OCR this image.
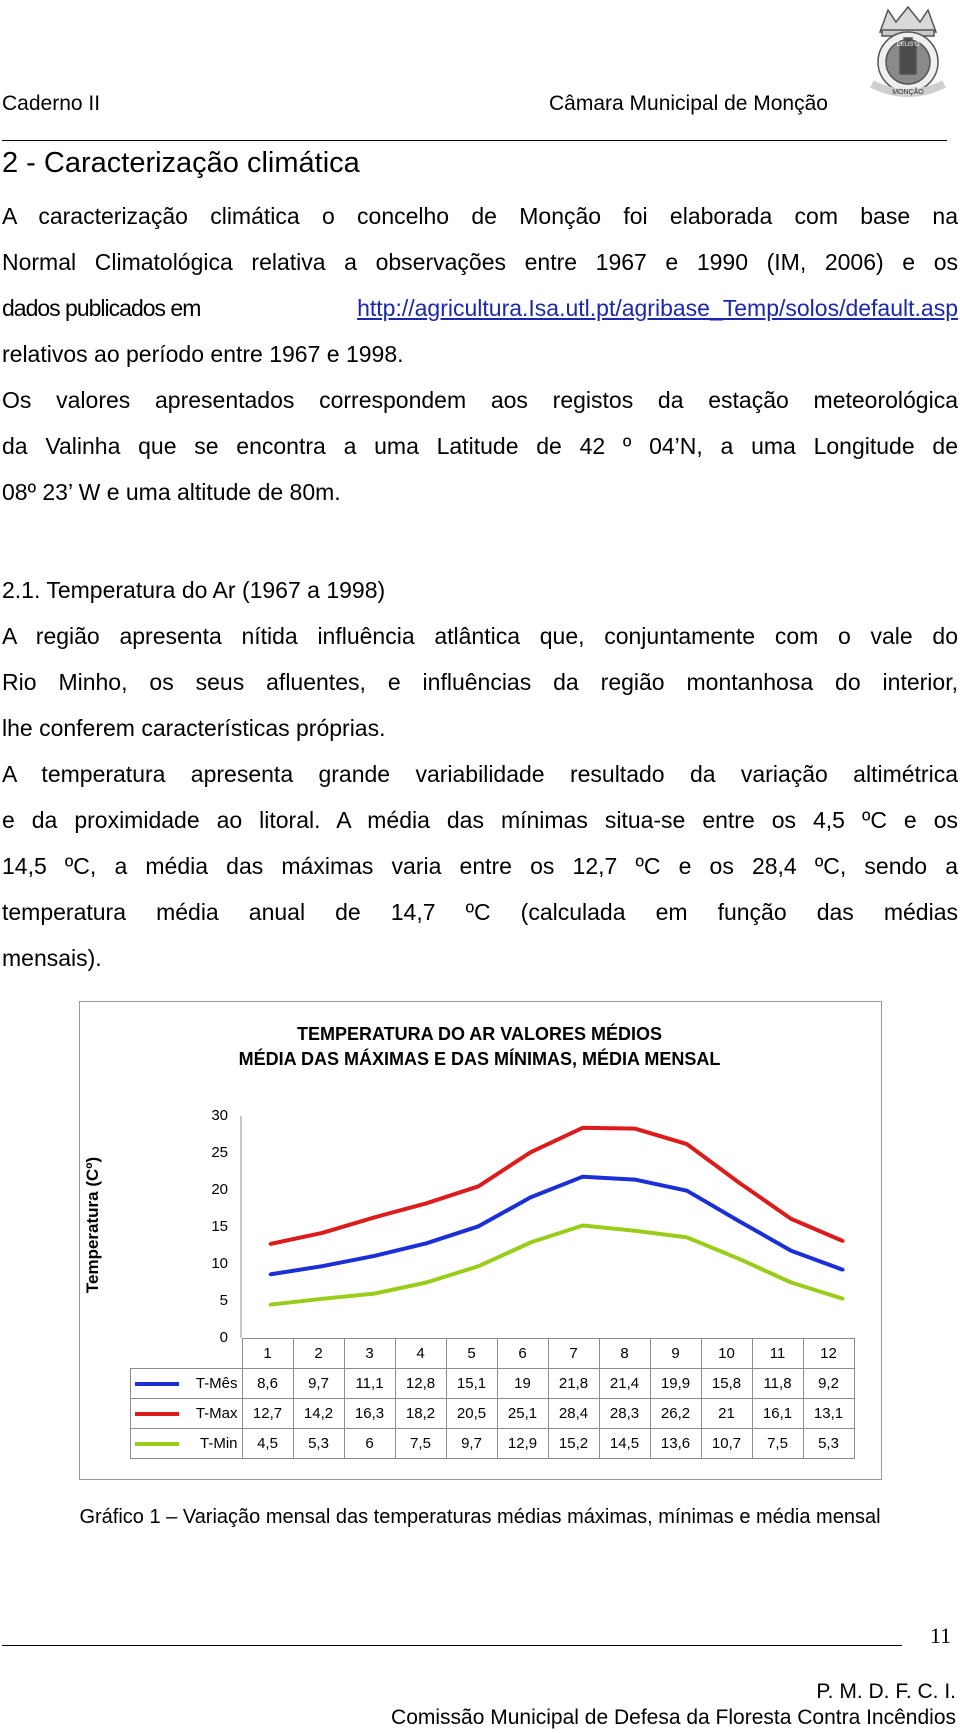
Caderno II	Câmara Municipal de Monção
DEUS O
MONÇÃO
2 - Caracterização climática

A caracterização climática o concelho de Monção foi elaborada com base na

Normal Climatológica relativa a observações entre 1967 e 1990 (IM, 2006) e os

dados publicados em	http://agricultura.Isa.utl.pt/agribase_Temp/solos/default.asp

relativos ao período entre 1967 e 1998.

Os valores apresentados correspondem aos registos da estação meteorológica

da Valinha que se encontra a uma Latitude de 42 º 04’N, a uma Longitude de

08º 23’ W e uma altitude de 80m.

2.1. Temperatura do Ar (1967 a 1998)

A região apresenta nítida influência atlântica que, conjuntamente com o vale do

Rio Minho, os seus afluentes, e influências da região montanhosa do interior,

lhe conferem características próprias.

A temperatura apresenta grande variabilidade resultado da variação altimétrica

e da proximidade ao litoral. A média das mínimas situa-se entre os 4,5 ºC e os

14,5 ºC, a média das máximas varia entre os 12,7 ºC e os 28,4 ºC, sendo a

temperatura média anual de 14,7 ºC (calculada em função das médias

mensais).

TEMPERATURA DO AR VALORES MÉDIOS
MÉDIA DAS MÁXIMAS E DAS MÍNIMAS, MÉDIA MENSAL
Temperatura (Cº)
30
25
20
15
10
5
0
	1	2	3	4	5	6	7	8	9	10	11	12

T-Mês	8,6	9,7	11,1	12,8	15,1	19	21,8	21,4	19,9	15,8	11,8	9,2

T-Max	12,7	14,2	16,3	18,2	20,5	25,1	28,4	28,3	26,2	21	16,1	13,1

T-Min	4,5	5,3	6	7,5	9,7	12,9	15,2	14,5	13,6	10,7	7,5	5,3
Gráfico 1 – Variação mensal das temperaturas médias máximas, mínimas e média mensal
11
P. M. D. F. C. I.
Comissão Municipal de Defesa da Floresta Contra Incêndios
